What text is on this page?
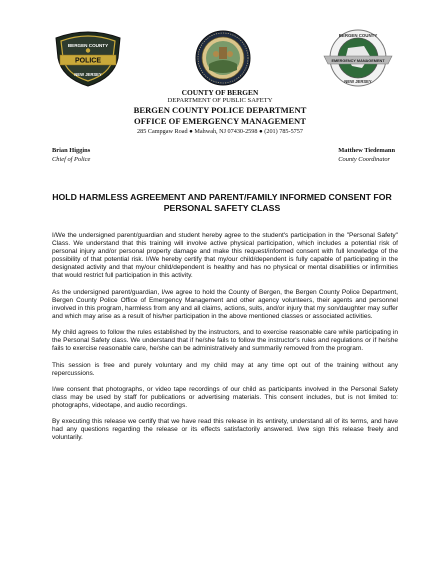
POLICE
BERGEN COUNTY
NEW JERSEY
EMERGENCY MANAGEMENT
BERGEN COUNTY
NEW JERSEY
COUNTY OF BERGEN
DEPARTMENT OF PUBLIC SAFETY
BERGEN COUNTY POLICE DEPARTMENT
OFFICE OF EMERGENCY MANAGEMENT
285 Campgaw Road ● Mahwah, NJ 07430-2598 ● (201) 785-5757
Brian Higgins
Chief of Police
Matthew Tiedemann
County Coordinator
HOLD HARMLESS AGREEMENT AND PARENT/FAMILY INFORMED CONSENT FOR PERSONAL SAFETY CLASS

I/We the undersigned parent/guardian and student hereby agree to the student's participation in the "Personal Safety" Class. We understand that this training will involve active physical participation, which includes a potential risk of personal injury and/or personal property damage and make this request/informed consent with full knowledge of the possibility of that potential risk. I/We hereby certify that my/our child/dependent is fully capable of participating in the designated activity and that my/our child/dependent is healthy and has no physical or mental disabilities or infirmities that would restrict full participation in this activity.

As the undersigned parent/guardian, I/we agree to hold the County of Bergen, the Bergen County Police Department, Bergen County Police Office of Emergency Management and other agency volunteers, their agents and personnel involved in this program, harmless from any and all claims, actions, suits, and/or injury that my son/daughter may suffer and which may arise as a result of his/her participation in the above mentioned classes or associated activities.

My child agrees to follow the rules established by the instructors, and to exercise reasonable care while participating in the Personal Safety class. We understand that if he/she fails to follow the instructor's rules and regulations or if he/she fails to exercise reasonable care, he/she can be administratively and summarily removed from the program.

This session is free and purely voluntary and my child may at any time opt out of the training without any repercussions.

I/we consent that photographs, or video tape recordings of our child as participants involved in the Personal Safety class may be used by staff for publications or advertising materials. This consent includes, but is not limited to: photographs, videotape, and audio recordings.

By executing this release we certify that we have read this release in its entirety, understand all of its terms, and have had any questions regarding the release or its effects satisfactorily answered. I/we sign this release freely and voluntarily.
